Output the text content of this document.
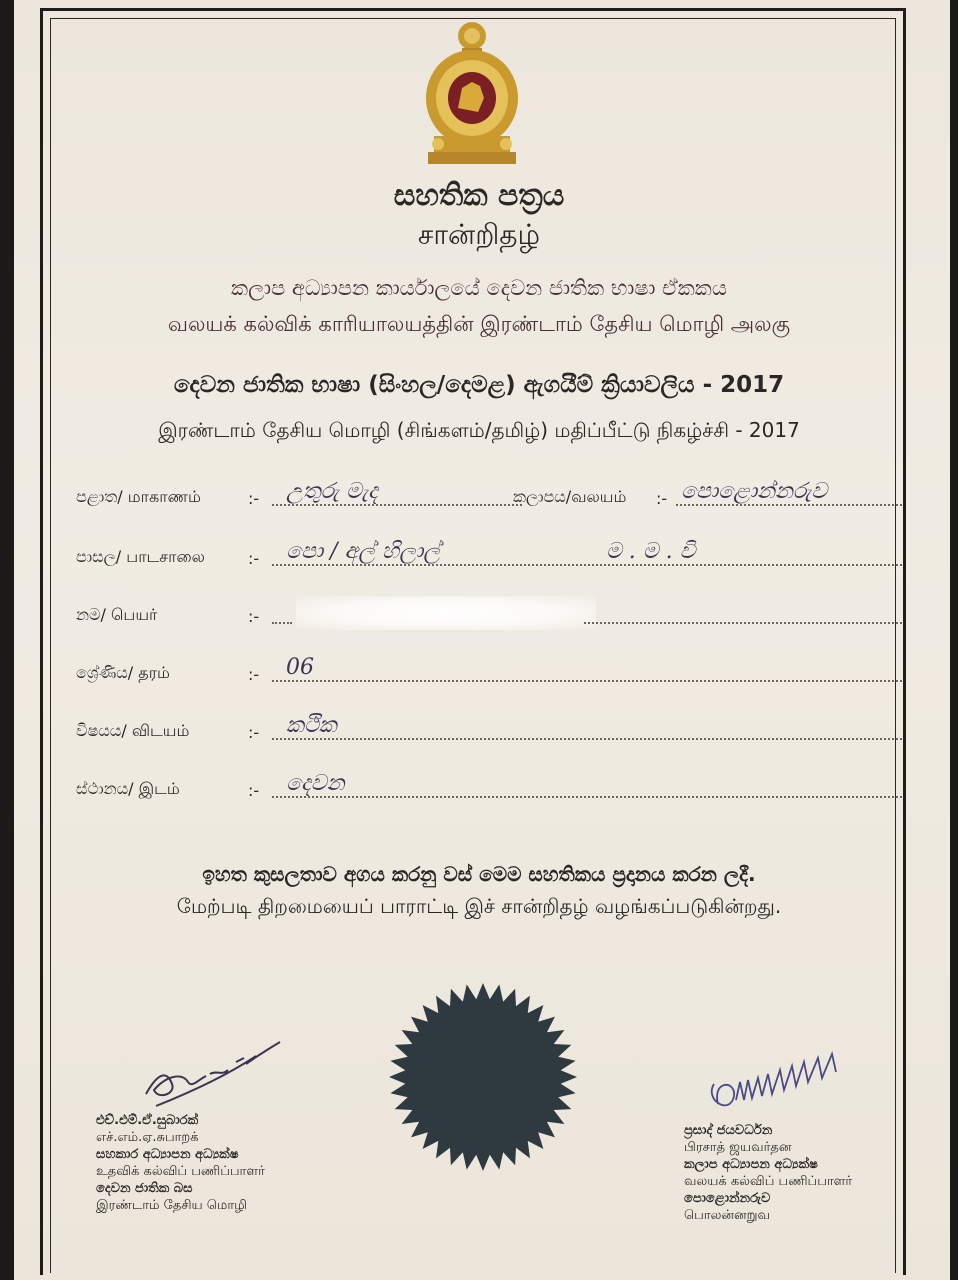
සහතික පත්‍රය
சான்றிதழ்
කලාප අධ්‍යාපන කාර්යාලයේ දෙවන ජාතික භාෂා ඒකකය
வலயக் கல்விக் காரியாலயத்தின் இரண்டாம் தேசிய மொழி அலகு
දෙවන ජාතික භාෂා (සිංහල/දෙමළ) ඇගයීම් ක්‍රියාවලිය - 2017
இரண்டாம் தேசிய மொழி (சிங்களம்/தமிழ்) மதிப்பீட்டு நிகழ்ச்சி - 2017
පළාත/ மாகாணம்	:- උතුරු මැද	කලාපය/வலயம் :- පොළොන්නරුව
පාසල/ பாடசாலை	:- පො / අල් හිලාල්	ම . ම . වි
නම/ பெயர்	:-
ශ්‍රේණිය/ தரம்	:- 06
විෂයය/ விடயம்	:- කථික
ස්ථානය/ இடம்	:- දෙවන
ඉහත කුසලතාව අගය කරනු වස් මෙම සහතිකය ප්‍රදානය කරන ලදී.
மேற்படி திறமையைப் பாராட்டி இச் சான்றிதழ் வழங்கப்படுகின்றது.
එච්.එම්.ඒ.සුබාරක්
எச்.எம்.ஏ.சுபாறக்
සහකාර අධ්‍යාපන අධ්‍යක්ෂ
உதவிக் கல்விப் பணிப்பாளர்
දෙවන ජාතික බස
இரண்டாம் தேசிய மொழி
ප්‍රසාද් ජයවර්ධන
பிரசாத் ஜயவர்தன
කලාප අධ්‍යාපන අධ්‍යක්ෂ
வலயக் கல்விப் பணிப்பாளர்
පොළොන්නරුව
பொலன்னறுவ
